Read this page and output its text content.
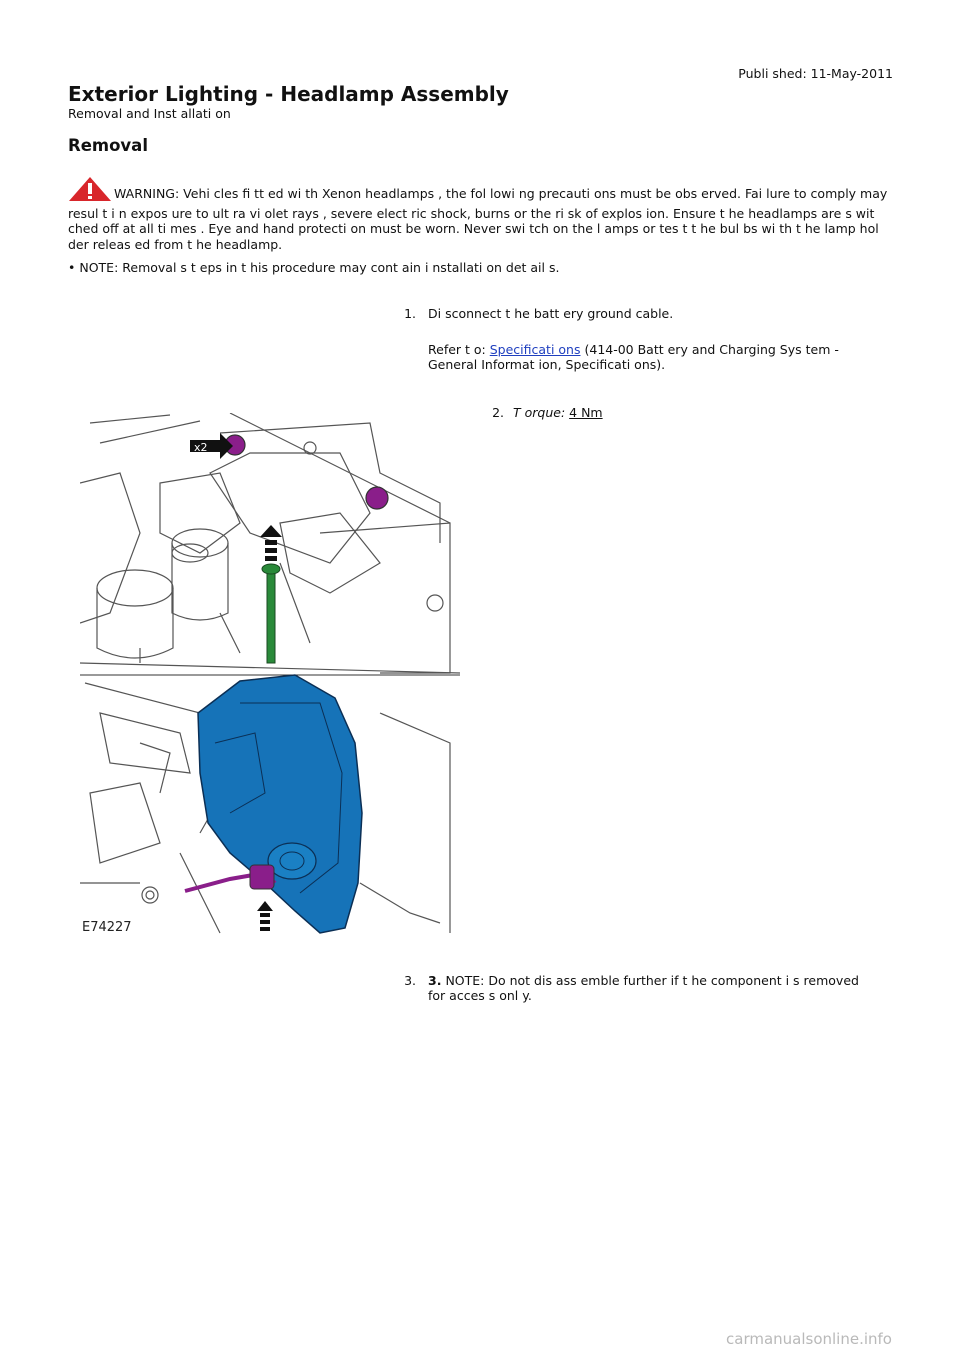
Publi shed: 11-May-2011
Exterior Lighting - Headlamp Assembly
Removal and Inst allati on
Removal
WARNING: Vehi cles fi tt ed wi th Xenon headlamps , the fol lowi ng precauti ons must be obs erved. Fai lure to comply may resul t i n expos ure to ult ra vi olet rays , severe elect ric shock, burns or the ri sk of explos ion. Ensure t he headlamps are s wit ched off at all ti mes . Eye and hand protecti on must be worn. Never swi tch on the l amps or tes t t he bul bs wi th t he lamp hol der releas ed from t he headlamp.
• NOTE: Removal s t eps in t his procedure may cont ain i nstallati on det ail s.
1. Di sconnect t he batt ery ground cable.
Refer t o: Specificati ons (414-00 Batt ery and Charging Sys tem - General Informat ion, Specificati ons).
2. T orque: 4 Nm
x2
E74227
3. 3. NOTE: Do not dis ass emble further if t he component i s removed for acces s onl y.
carmanualsonline.info
